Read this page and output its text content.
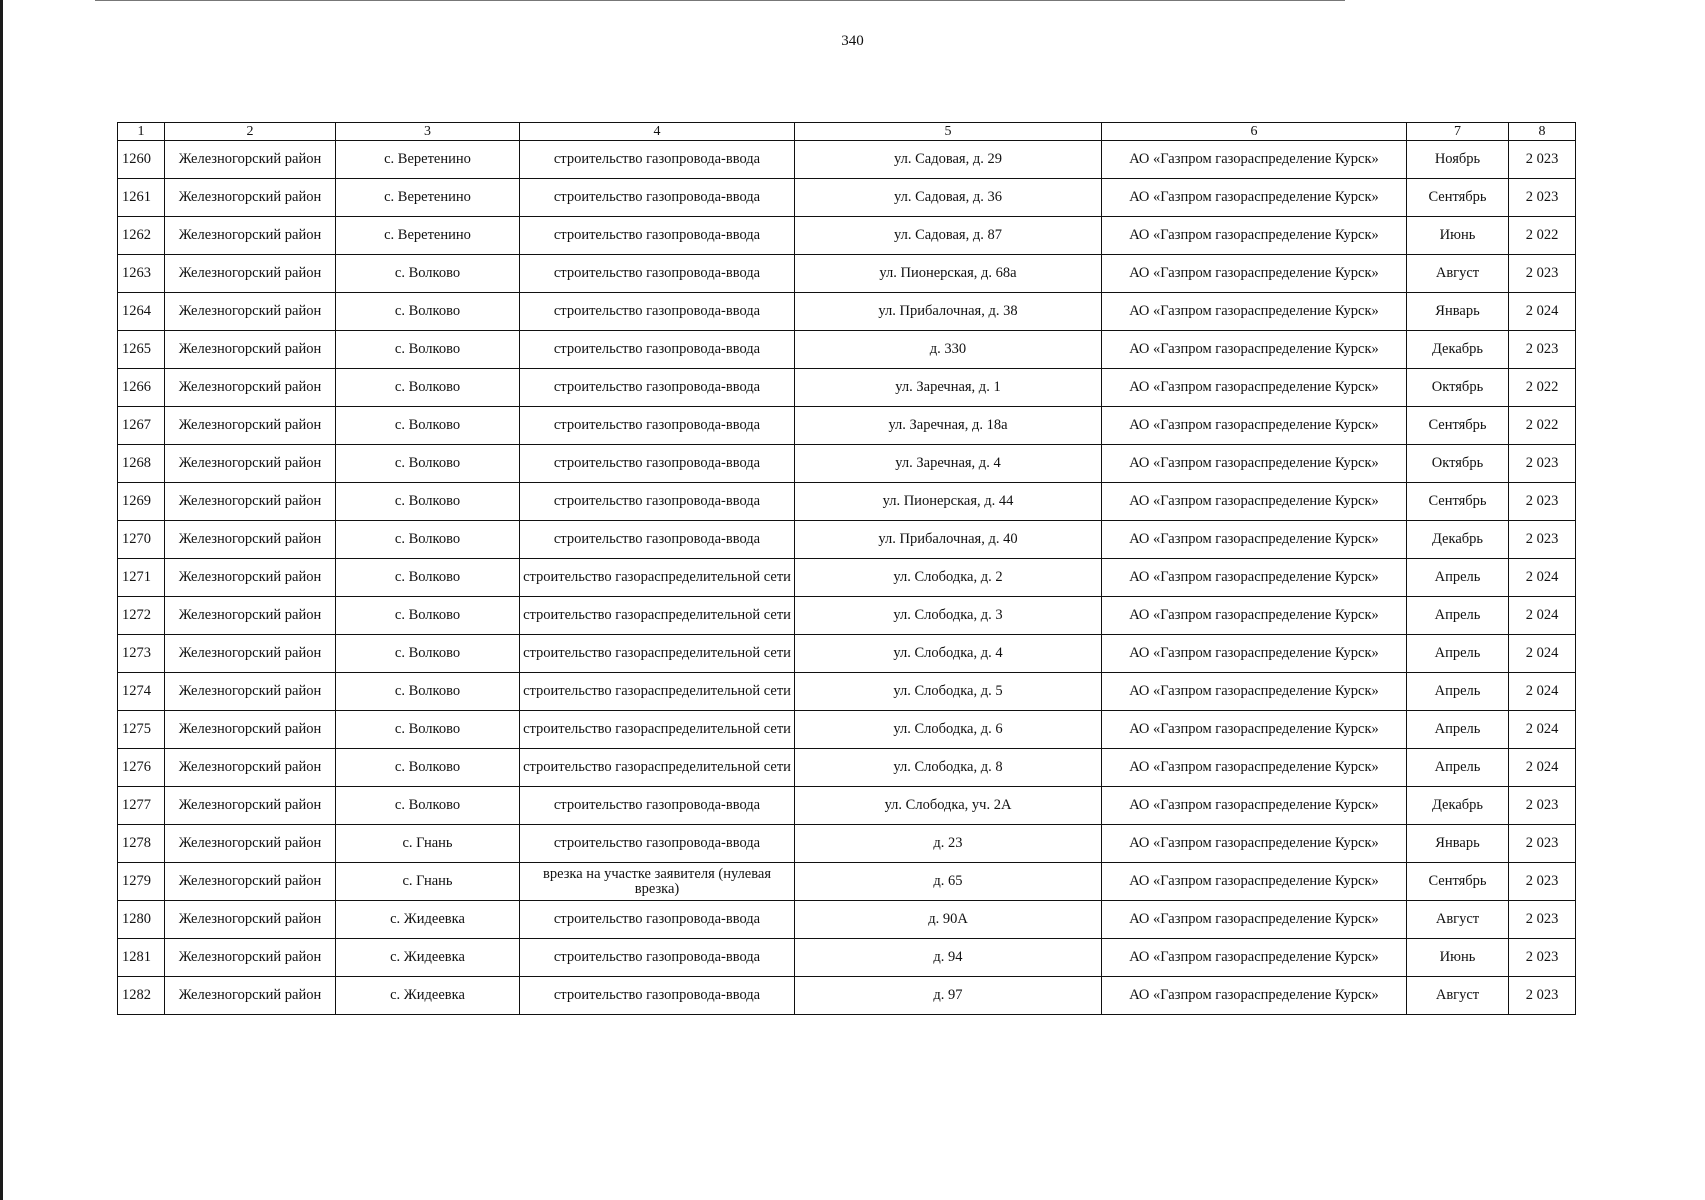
340
1	2	3	4	5	6	7	8
1260	Железногорский район	с. Веретенино	строительство газопровода-ввода	ул. Садовая, д. 29	АО «Газпром газораспределение Курск»	Ноябрь	2 023
1261	Железногорский район	с. Веретенино	строительство газопровода-ввода	ул. Садовая, д. 36	АО «Газпром газораспределение Курск»	Сентябрь	2 023
1262	Железногорский район	с. Веретенино	строительство газопровода-ввода	ул. Садовая, д. 87	АО «Газпром газораспределение Курск»	Июнь	2 022
1263	Железногорский район	с. Волково	строительство газопровода-ввода	ул. Пионерская, д. 68а	АО «Газпром газораспределение Курск»	Август	2 023
1264	Железногорский район	с. Волково	строительство газопровода-ввода	ул. Прибалочная, д. 38	АО «Газпром газораспределение Курск»	Январь	2 024
1265	Железногорский район	с. Волково	строительство газопровода-ввода	д. 330	АО «Газпром газораспределение Курск»	Декабрь	2 023
1266	Железногорский район	с. Волково	строительство газопровода-ввода	ул. Заречная, д. 1	АО «Газпром газораспределение Курск»	Октябрь	2 022
1267	Железногорский район	с. Волково	строительство газопровода-ввода	ул. Заречная, д. 18а	АО «Газпром газораспределение Курск»	Сентябрь	2 022
1268	Железногорский район	с. Волково	строительство газопровода-ввода	ул. Заречная, д. 4	АО «Газпром газораспределение Курск»	Октябрь	2 023
1269	Железногорский район	с. Волково	строительство газопровода-ввода	ул. Пионерская, д. 44	АО «Газпром газораспределение Курск»	Сентябрь	2 023
1270	Железногорский район	с. Волково	строительство газопровода-ввода	ул. Прибалочная, д. 40	АО «Газпром газораспределение Курск»	Декабрь	2 023
1271	Железногорский район	с. Волково	строительство газораспределительной сети	ул. Слободка, д. 2	АО «Газпром газораспределение Курск»	Апрель	2 024
1272	Железногорский район	с. Волково	строительство газораспределительной сети	ул. Слободка, д. 3	АО «Газпром газораспределение Курск»	Апрель	2 024
1273	Железногорский район	с. Волково	строительство газораспределительной сети	ул. Слободка, д. 4	АО «Газпром газораспределение Курск»	Апрель	2 024
1274	Железногорский район	с. Волково	строительство газораспределительной сети	ул. Слободка, д. 5	АО «Газпром газораспределение Курск»	Апрель	2 024
1275	Железногорский район	с. Волково	строительство газораспределительной сети	ул. Слободка, д. 6	АО «Газпром газораспределение Курск»	Апрель	2 024
1276	Железногорский район	с. Волково	строительство газораспределительной сети	ул. Слободка, д. 8	АО «Газпром газораспределение Курск»	Апрель	2 024
1277	Железногорский район	с. Волково	строительство газопровода-ввода	ул. Слободка, уч. 2А	АО «Газпром газораспределение Курск»	Декабрь	2 023
1278	Железногорский район	с. Гнань	строительство газопровода-ввода	д. 23	АО «Газпром газораспределение Курск»	Январь	2 023
1279	Железногорский район	с. Гнань	врезка на участке заявителя (нулевая врезка)	д. 65	АО «Газпром газораспределение Курск»	Сентябрь	2 023
1280	Железногорский район	с. Жидеевка	строительство газопровода-ввода	д. 90А	АО «Газпром газораспределение Курск»	Август	2 023
1281	Железногорский район	с. Жидеевка	строительство газопровода-ввода	д. 94	АО «Газпром газораспределение Курск»	Июнь	2 023
1282	Железногорский район	с. Жидеевка	строительство газопровода-ввода	д. 97	АО «Газпром газораспределение Курск»	Август	2 023
